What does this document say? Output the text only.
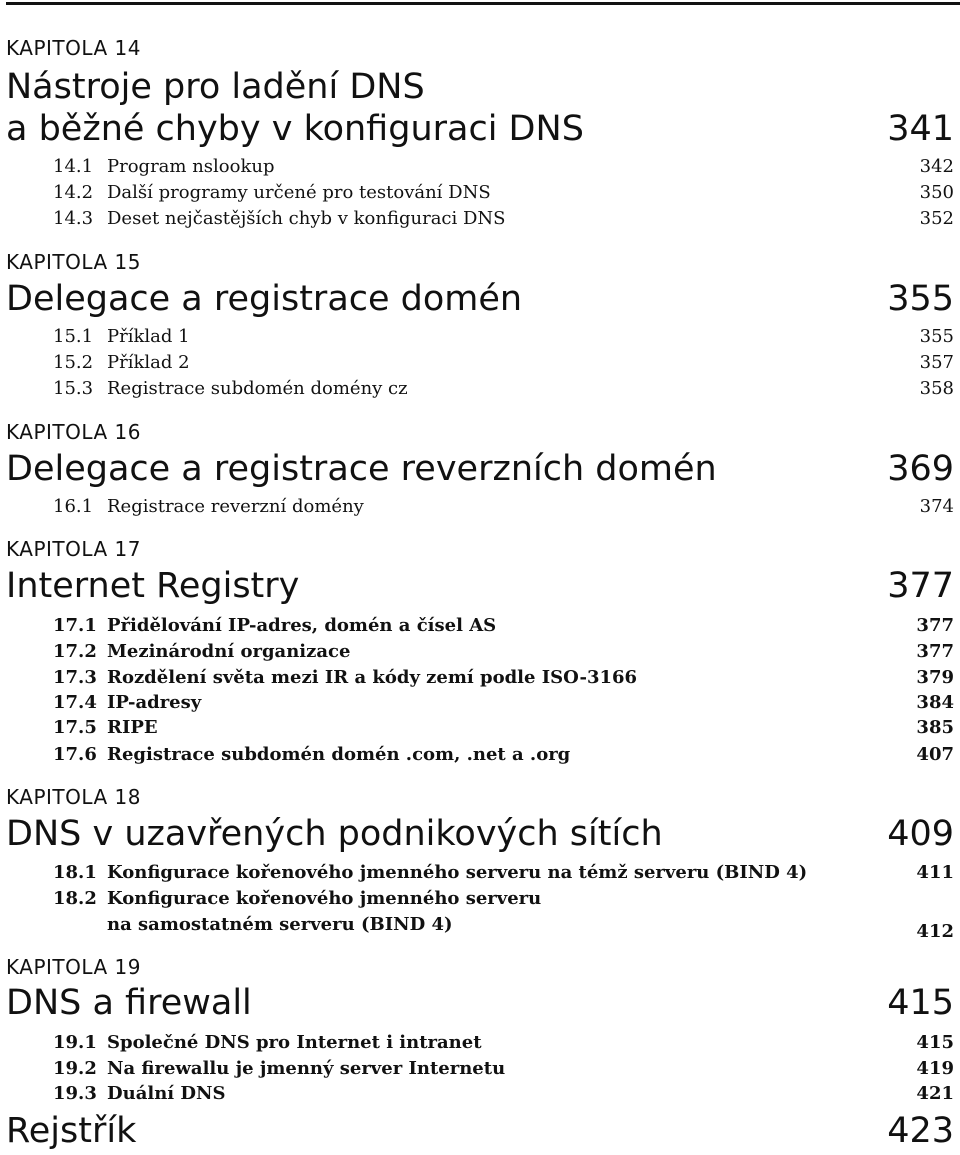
KAPITOLA 14
Nástroje pro ladění DNS
a běžné chyby v konfiguraci DNS	341
14.1 Program nslookup	342
14.2 Další programy určené pro testování DNS	350
14.3 Deset nejčastějších chyb v konfiguraci DNS	352
KAPITOLA 15
Delegace a registrace domén	355
15.1 Příklad 1	355
15.2 Příklad 2	357
15.3 Registrace subdomén domény cz	358
KAPITOLA 16
Delegace a registrace reverzních domén	369
16.1 Registrace reverzní domény	374
KAPITOLA 17
Internet Registry	377
17.1 Přidělování IP-adres, domén a čísel AS	377
17.2 Mezinárodní organizace	377
17.3 Rozdělení světa mezi IR a kódy zemí podle ISO-3166	379
17.4 IP-adresy	384
17.5 RIPE	385
17.6 Registrace subdomén domén .com, .net a .org	407
KAPITOLA 18
DNS v uzavřených podnikových sítích	409
18.1 Konfigurace kořenového jmenného serveru na témž serveru (BIND 4)	411
18.2 Konfigurace kořenového jmenného serveru
na samostatném serveru (BIND 4)	412
KAPITOLA 19
DNS a firewall	415
19.1 Společné DNS pro Internet i intranet	415
19.2 Na firewallu je jmenný server Internetu	419
19.3 Duální DNS	421
Rejstřík	423
